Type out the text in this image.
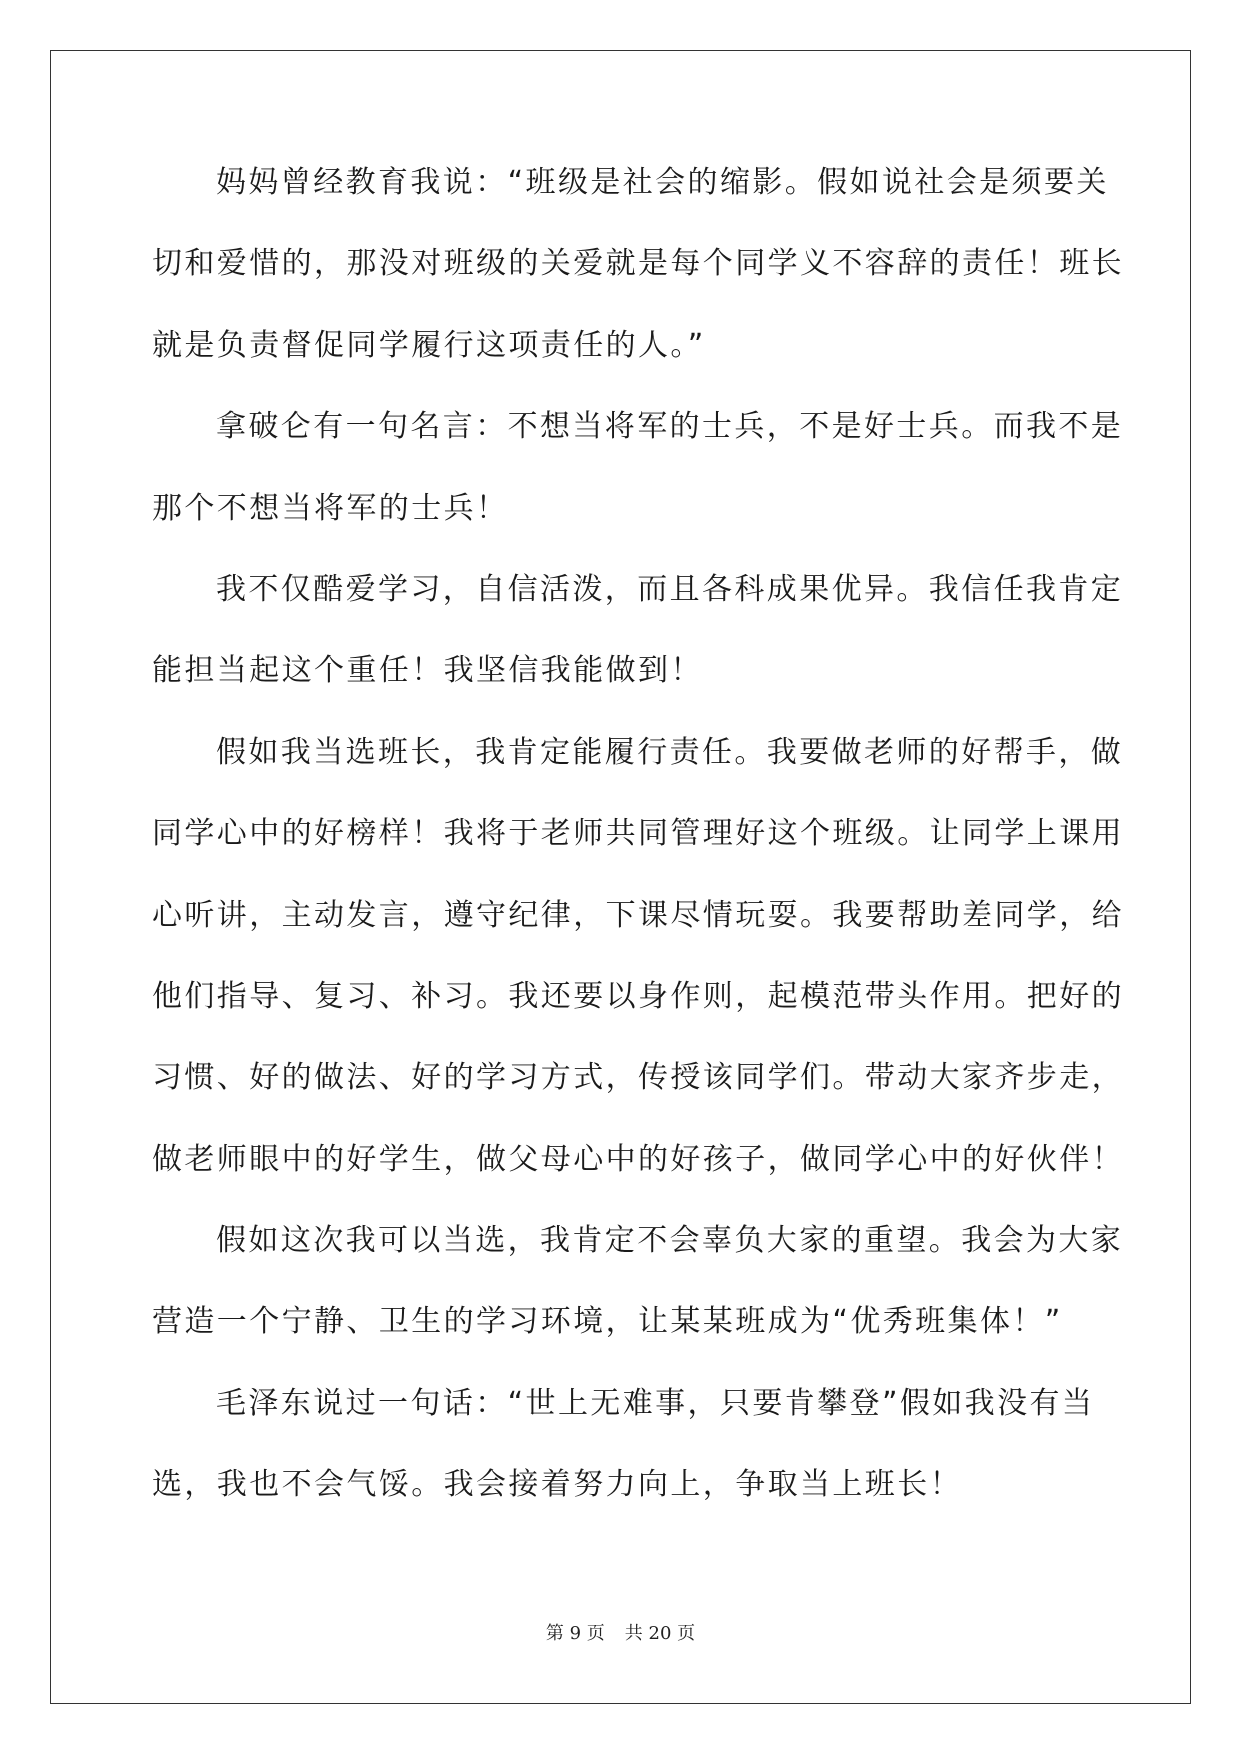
妈妈曾经教育我说：“班级是社会的缩影。假如说社会是须要关
切和爱惜的，那没对班级的关爱就是每个同学义不容辞的责任！班长
就是负责督促同学履行这项责任的人。”
拿破仑有一句名言：不想当将军的士兵，不是好士兵。而我不是
那个不想当将军的士兵！
我不仅酷爱学习，自信活泼，而且各科成果优异。我信任我肯定
能担当起这个重任！我坚信我能做到！
假如我当选班长，我肯定能履行责任。我要做老师的好帮手，做
同学心中的好榜样！我将于老师共同管理好这个班级。让同学上课用
心听讲，主动发言，遵守纪律，下课尽情玩耍。我要帮助差同学，给
他们指导、复习、补习。我还要以身作则，起模范带头作用。把好的
习惯、好的做法、好的学习方式，传授该同学们。带动大家齐步走，
做老师眼中的好学生，做父母心中的好孩子，做同学心中的好伙伴！
假如这次我可以当选，我肯定不会辜负大家的重望。我会为大家
营造一个宁静、卫生的学习环境，让某某班成为“优秀班集体！”
毛泽东说过一句话：“世上无难事，只要肯攀登”假如我没有当
选，我也不会气馁。我会接着努力向上，争取当上班长！
第 9 页 共 20 页
